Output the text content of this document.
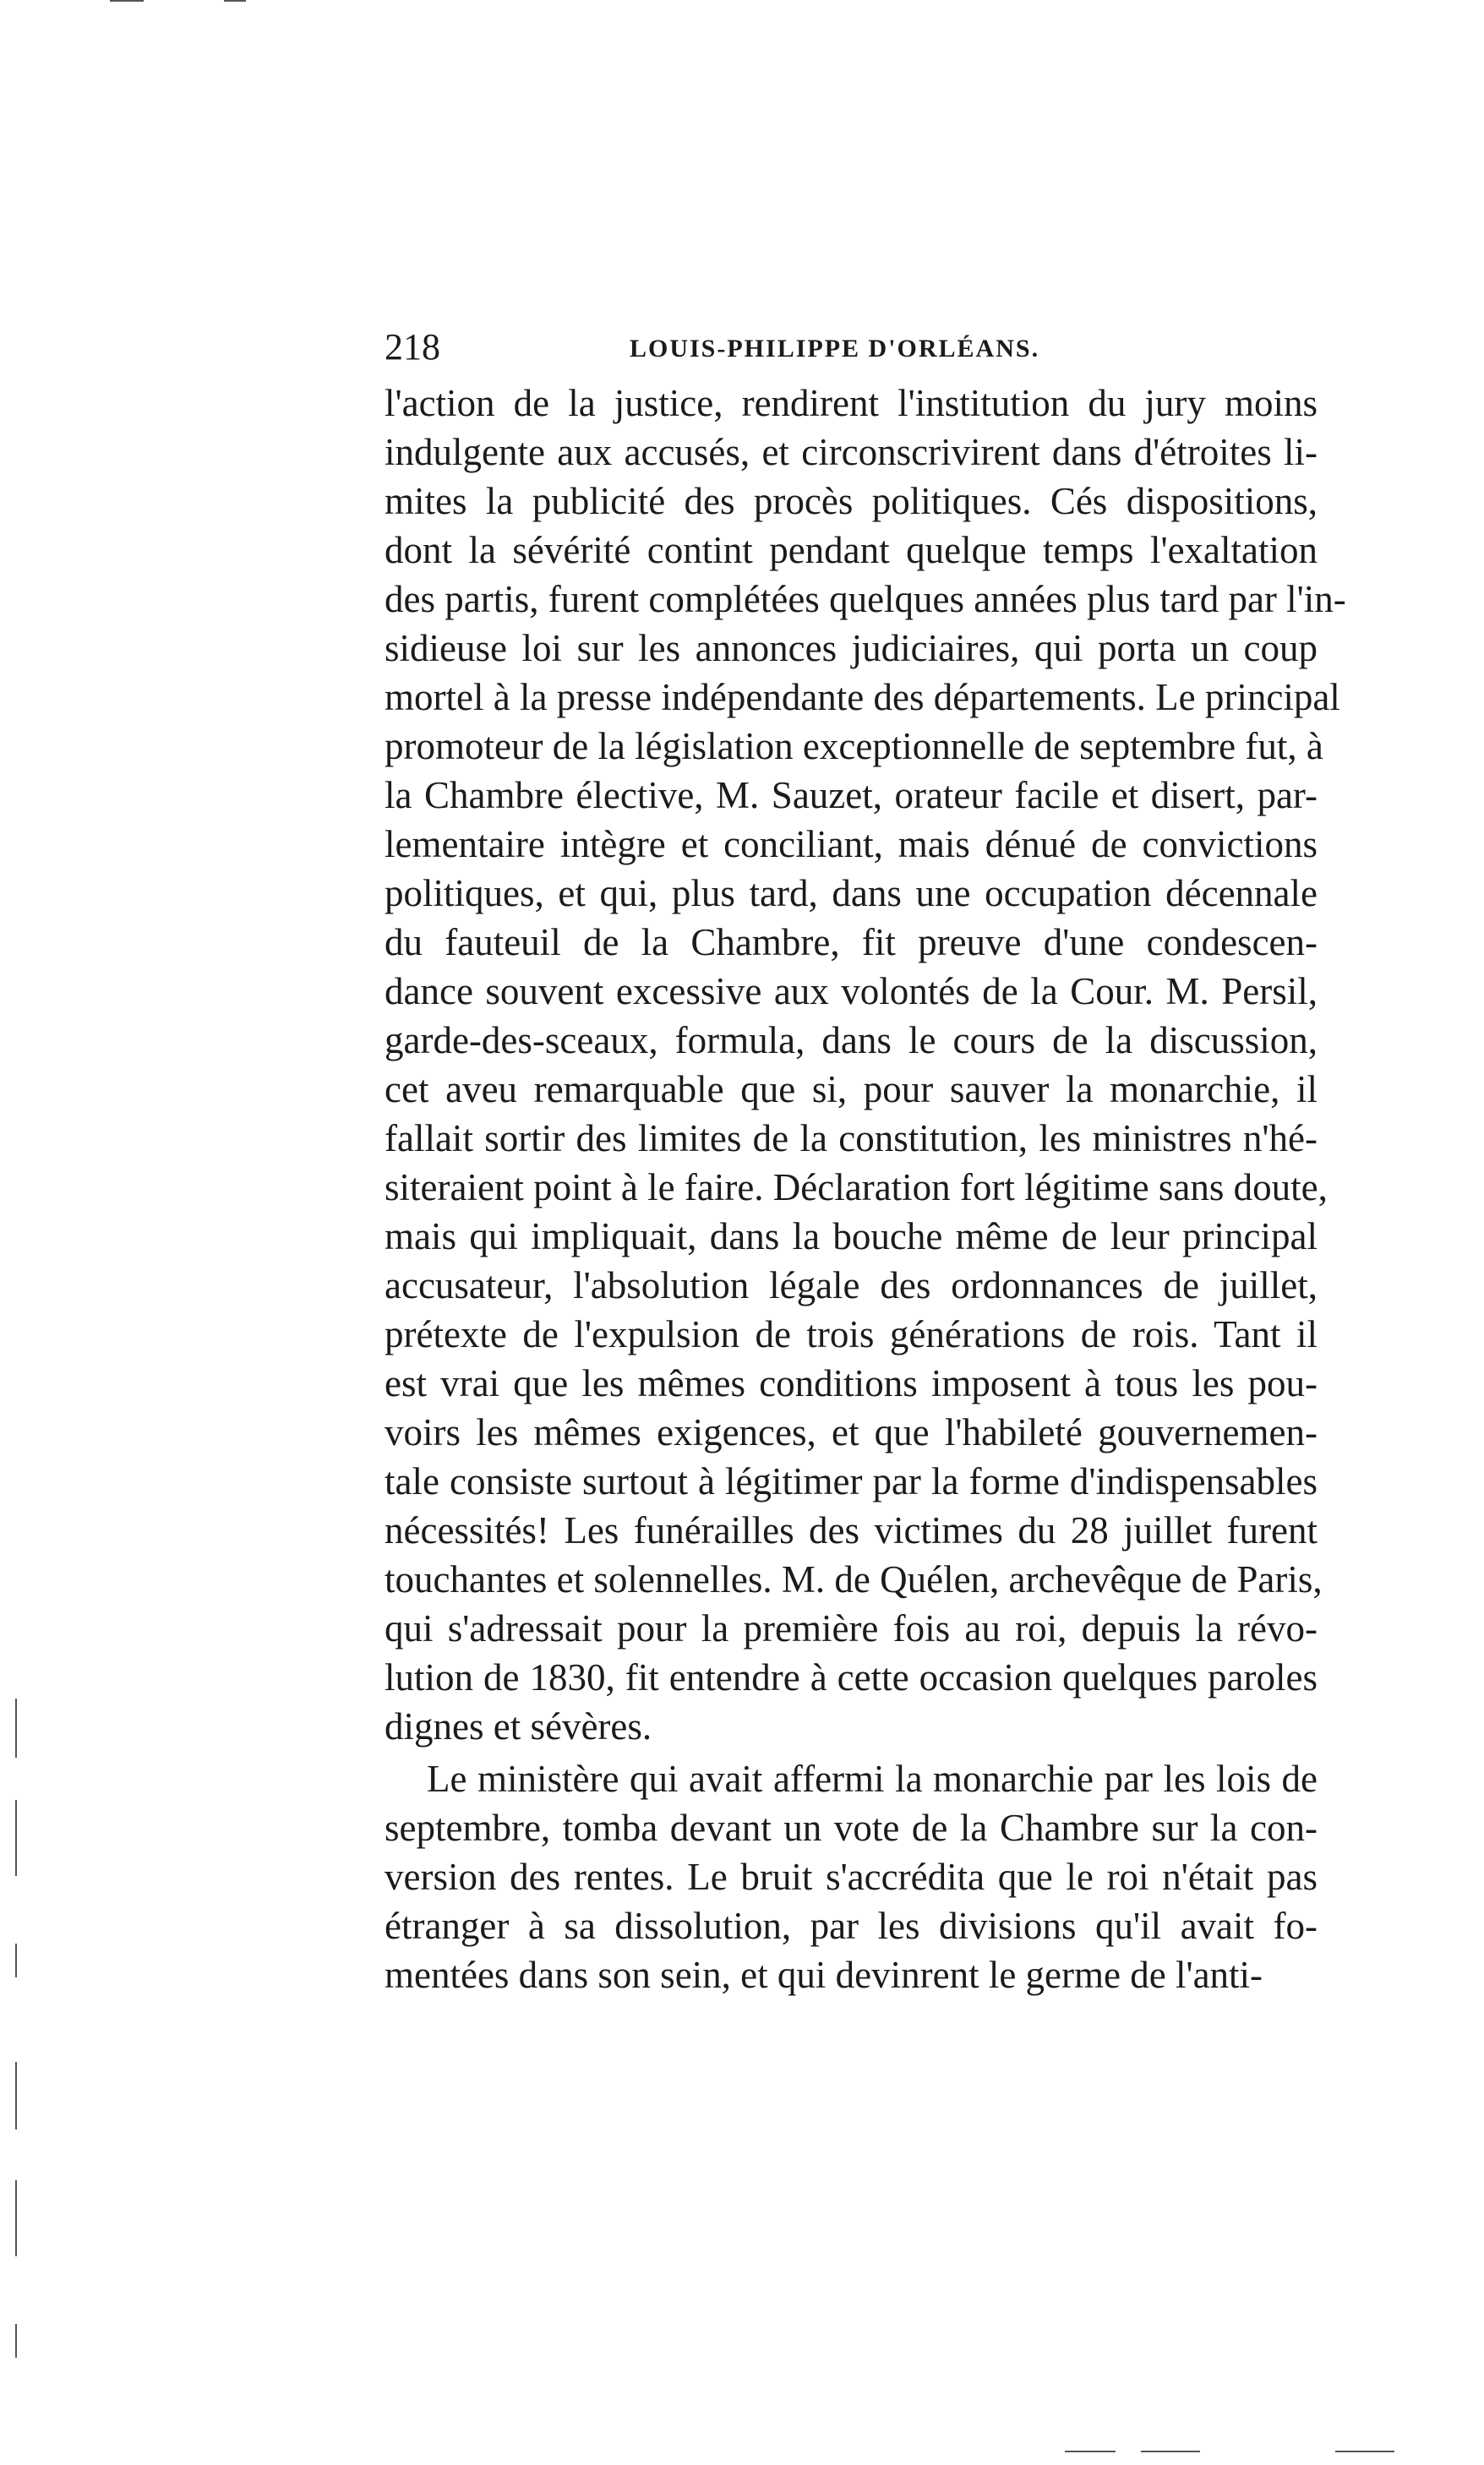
218	LOUIS-PHILIPPE D'ORLÉANS.
l'action de la justice, rendirent l'institution du jury moins
indulgente aux accusés, et circonscrivirent dans d'étroites li-
mites la publicité des procès politiques. Cés dispositions,
dont la sévérité contint pendant quelque temps l'exaltation
des partis, furent complétées quelques années plus tard par l'in-
sidieuse loi sur les annonces judiciaires, qui porta un coup
mortel à la presse indépendante des départements. Le principal
promoteur de la législation exceptionnelle de septembre fut, à
la Chambre élective, M. Sauzet, orateur facile et disert, par-
lementaire intègre et conciliant, mais dénué de convictions
politiques, et qui, plus tard, dans une occupation décennale
du fauteuil de la Chambre, fit preuve d'une condescen-
dance souvent excessive aux volontés de la Cour. M. Persil,
garde-des-sceaux, formula, dans le cours de la discussion,
cet aveu remarquable que si, pour sauver la monarchie, il
fallait sortir des limites de la constitution, les ministres n'hé-
siteraient point à le faire. Déclaration fort légitime sans doute,
mais qui impliquait, dans la bouche même de leur principal
accusateur, l'absolution légale des ordonnances de juillet,
prétexte de l'expulsion de trois générations de rois. Tant il
est vrai que les mêmes conditions imposent à tous les pou-
voirs les mêmes exigences, et que l'habileté gouvernemen-
tale consiste surtout à légitimer par la forme d'indispensables
nécessités! Les funérailles des victimes du 28 juillet furent
touchantes et solennelles. M. de Quélen, archevêque de Paris,
qui s'adressait pour la première fois au roi, depuis la révo-
lution de 1830, fit entendre à cette occasion quelques paroles
dignes et sévères.
Le ministère qui avait affermi la monarchie par les lois de
septembre, tomba devant un vote de la Chambre sur la con-
version des rentes. Le bruit s'accrédita que le roi n'était pas
étranger à sa dissolution, par les divisions qu'il avait fo-
mentées dans son sein, et qui devinrent le germe de l'anti-
